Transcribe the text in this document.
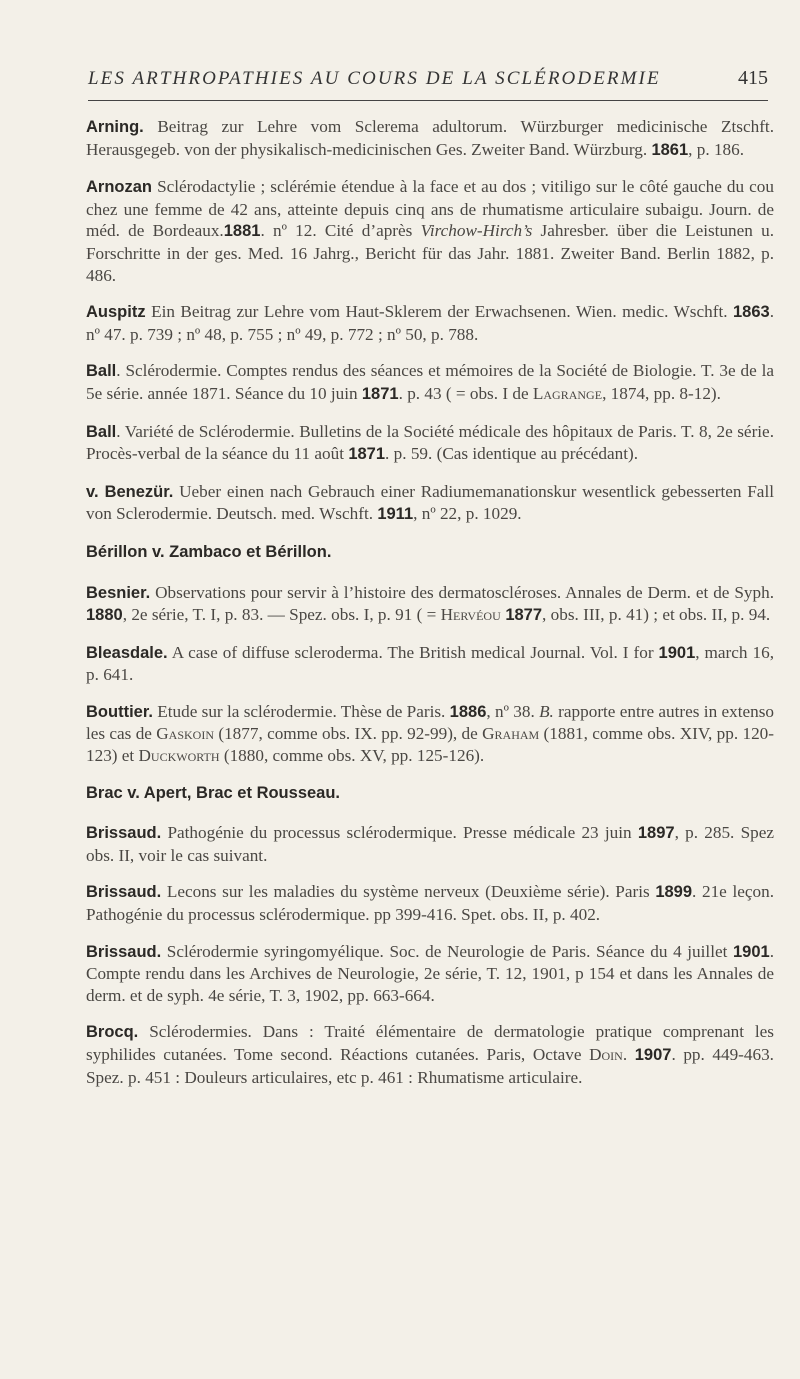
LES ARTHROPATHIES AU COURS DE LA SCLÉRODERMIE	415

Arning. Beitrag zur Lehre vom Sclerema adultorum. Würzburger medicinische Ztschft. Herausgegeb. von der physikalisch-medicinischen Ges. Zweiter Band. Würzburg. 1861, p. 186.

Arnozan Sclérodactylie ; sclérémie étendue à la face et au dos ; vitiligo sur le côté gauche du cou chez une femme de 42 ans, atteinte depuis cinq ans de rhumatisme articulaire subaigu. Journ. de méd. de Bordeaux.1881. nº 12. Cité d’après Virchow-Hirch’s Jahresber. über die Leistunen u. Forschritte in der ges. Med. 16 Jahrg., Bericht für das Jahr. 1881. Zweiter Band. Berlin 1882, p. 486.

Auspitz Ein Beitrag zur Lehre vom Haut-Sklerem der Erwachsenen. Wien. medic. Wschft. 1863. nº 47. p. 739 ; nº 48, p. 755 ; nº 49, p. 772 ; nº 50, p. 788.

Ball. Sclérodermie. Comptes rendus des séances et mémoires de la Société de Biologie. T. 3e de la 5e série. année 1871. Séance du 10 juin 1871. p. 43 ( = obs. I de Lagrange, 1874, pp. 8-12).

Ball. Variété de Sclérodermie. Bulletins de la Société médicale des hôpitaux de Paris. T. 8, 2e série. Procès-verbal de la séance du 11 août 1871. p. 59. (Cas identique au précédant).

v. Benezür. Ueber einen nach Gebrauch einer Radiumemanationskur wesentlick gebesserten Fall von Sclerodermie. Deutsch. med. Wschft. 1911, nº 22, p. 1029.

Bérillon v. Zambaco et Bérillon.

Besnier. Observations pour servir à l’histoire des dermatoscléroses. Annales de Derm. et de Syph. 1880, 2e série, T. I, p. 83. — Spez. obs. I, p. 91 ( = Hervéou 1877, obs. III, p. 41) ; et obs. II, p. 94.

Bleasdale. A case of diffuse scleroderma. The British medical Journal. Vol. I for 1901, march 16, p. 641.

Bouttier. Etude sur la sclérodermie. Thèse de Paris. 1886, nº 38. B. rapporte entre autres in extenso les cas de Gaskoin (1877, comme obs. IX. pp. 92-99), de Graham (1881, comme obs. XIV, pp. 120-123) et Duckworth (1880, comme obs. XV, pp. 125-126).

Brac v. Apert, Brac et Rousseau.

Brissaud. Pathogénie du processus sclérodermique. Presse médicale 23 juin 1897, p. 285. Spez obs. II, voir le cas suivant.

Brissaud. Lecons sur les maladies du système nerveux (Deuxième série). Paris 1899. 21e leçon. Pathogénie du processus sclérodermique. pp 399-416. Spet. obs. II, p. 402.

Brissaud. Sclérodermie syringomyélique. Soc. de Neurologie de Paris. Séance du 4 juillet 1901. Compte rendu dans les Archives de Neurologie, 2e série, T. 12, 1901, p 154 et dans les Annales de derm. et de syph. 4e série, T. 3, 1902, pp. 663-664.

Brocq. Sclérodermies. Dans : Traité élémentaire de dermatologie pratique comprenant les syphilides cutanées. Tome second. Réactions cutanées. Paris, Octave Doin. 1907. pp. 449-463. Spez. p. 451 : Douleurs articulaires, etc p. 461 : Rhumatisme articulaire.
